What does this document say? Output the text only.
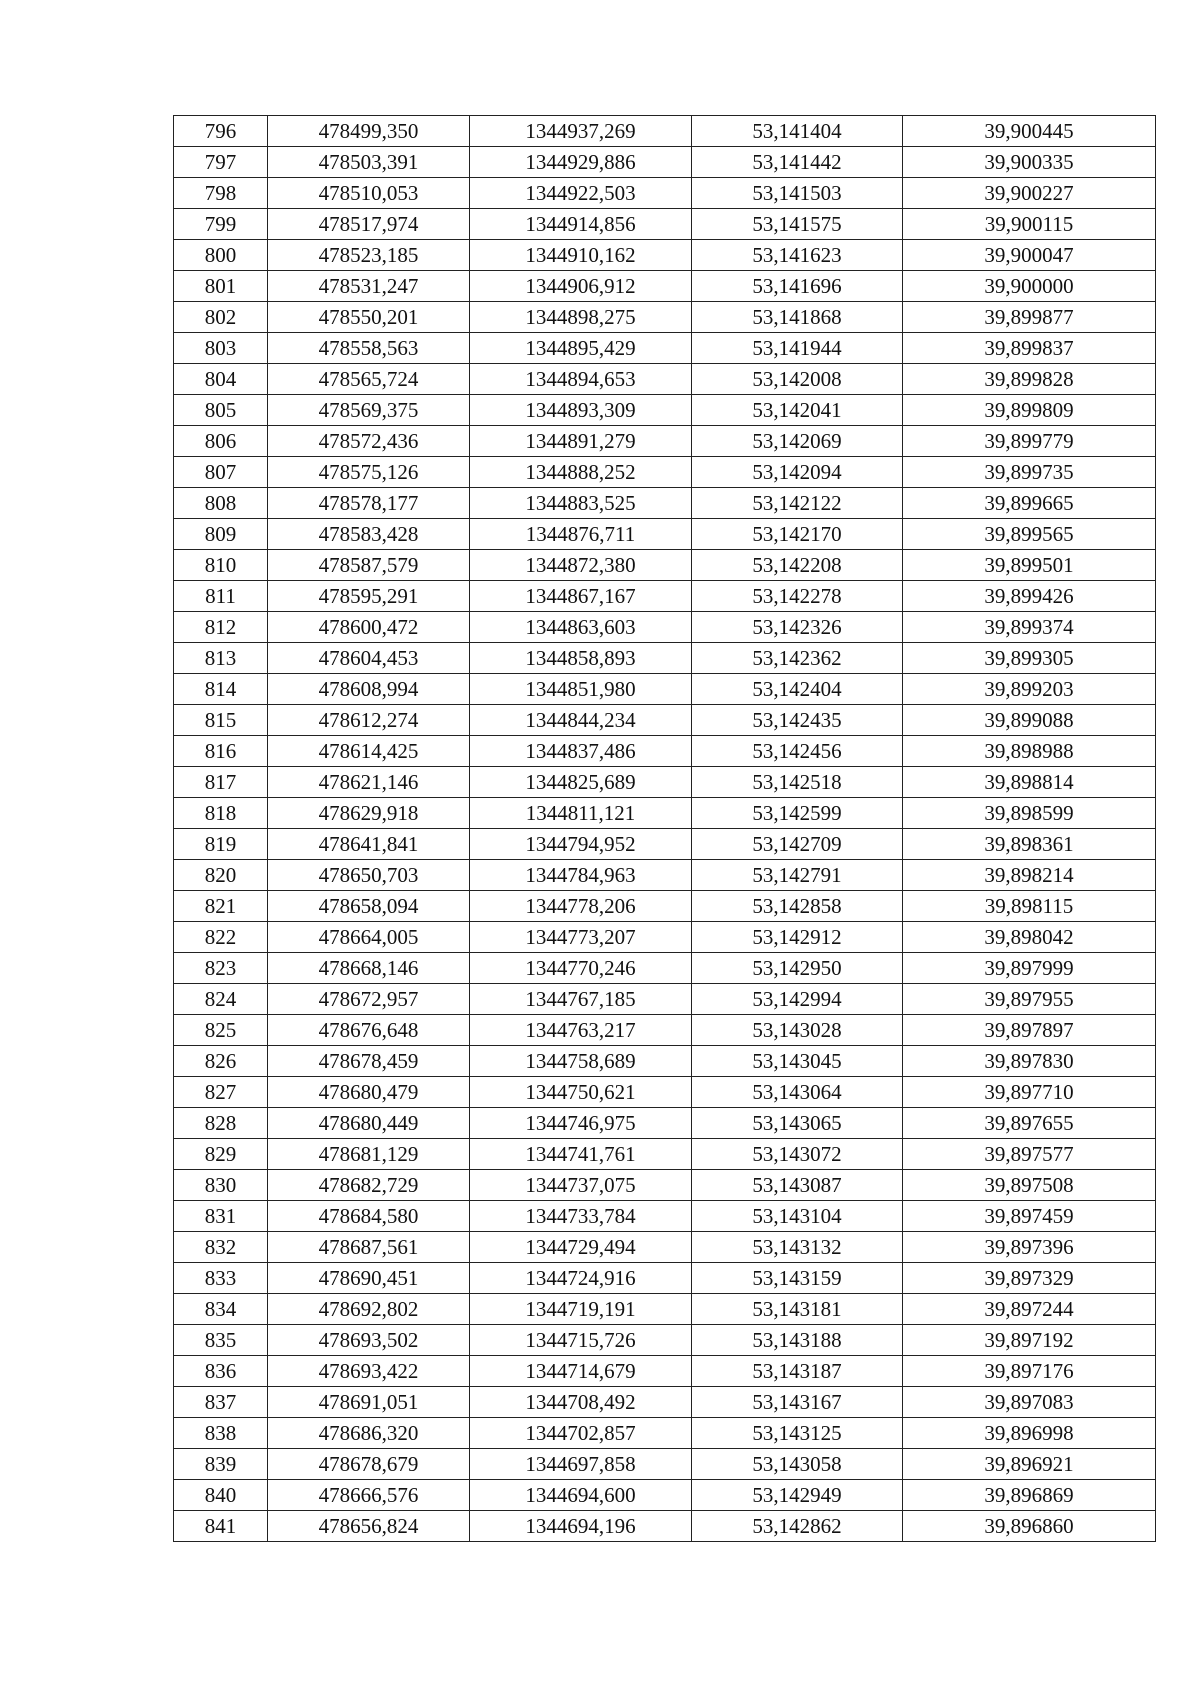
796	478499,350	1344937,269	53,141404	39,900445
797	478503,391	1344929,886	53,141442	39,900335
798	478510,053	1344922,503	53,141503	39,900227
799	478517,974	1344914,856	53,141575	39,900115
800	478523,185	1344910,162	53,141623	39,900047
801	478531,247	1344906,912	53,141696	39,900000
802	478550,201	1344898,275	53,141868	39,899877
803	478558,563	1344895,429	53,141944	39,899837
804	478565,724	1344894,653	53,142008	39,899828
805	478569,375	1344893,309	53,142041	39,899809
806	478572,436	1344891,279	53,142069	39,899779
807	478575,126	1344888,252	53,142094	39,899735
808	478578,177	1344883,525	53,142122	39,899665
809	478583,428	1344876,711	53,142170	39,899565
810	478587,579	1344872,380	53,142208	39,899501
811	478595,291	1344867,167	53,142278	39,899426
812	478600,472	1344863,603	53,142326	39,899374
813	478604,453	1344858,893	53,142362	39,899305
814	478608,994	1344851,980	53,142404	39,899203
815	478612,274	1344844,234	53,142435	39,899088
816	478614,425	1344837,486	53,142456	39,898988
817	478621,146	1344825,689	53,142518	39,898814
818	478629,918	1344811,121	53,142599	39,898599
819	478641,841	1344794,952	53,142709	39,898361
820	478650,703	1344784,963	53,142791	39,898214
821	478658,094	1344778,206	53,142858	39,898115
822	478664,005	1344773,207	53,142912	39,898042
823	478668,146	1344770,246	53,142950	39,897999
824	478672,957	1344767,185	53,142994	39,897955
825	478676,648	1344763,217	53,143028	39,897897
826	478678,459	1344758,689	53,143045	39,897830
827	478680,479	1344750,621	53,143064	39,897710
828	478680,449	1344746,975	53,143065	39,897655
829	478681,129	1344741,761	53,143072	39,897577
830	478682,729	1344737,075	53,143087	39,897508
831	478684,580	1344733,784	53,143104	39,897459
832	478687,561	1344729,494	53,143132	39,897396
833	478690,451	1344724,916	53,143159	39,897329
834	478692,802	1344719,191	53,143181	39,897244
835	478693,502	1344715,726	53,143188	39,897192
836	478693,422	1344714,679	53,143187	39,897176
837	478691,051	1344708,492	53,143167	39,897083
838	478686,320	1344702,857	53,143125	39,896998
839	478678,679	1344697,858	53,143058	39,896921
840	478666,576	1344694,600	53,142949	39,896869
841	478656,824	1344694,196	53,142862	39,896860
